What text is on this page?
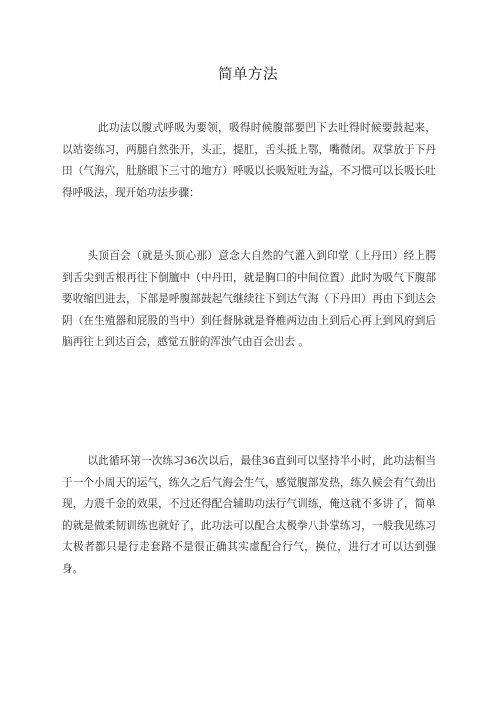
简单方法

此功法以腹式呼吸为要领，吸得时候腹部要凹下去吐得时候要鼓起来，以站姿练习，两腿自然张开，头正，提肛，舌头抵上鄂，嘴微闭。双掌放于下丹田（气海穴，肚脐眼下三寸的地方）呼吸以长吸短吐为益，不习惯可以长吸长吐得呼吸法，现开始功法步骤：

头顶百会（就是头顶心那）意念大自然的气灌入到印堂（上丹田）经上腭到舌尖到舌根再往下倒膻中（中丹田，就是胸口的中间位置）此时为吸气下腹部要收缩凹进去，下部是呼腹部鼓起气继续往下到达气海（下丹田）再由下到达会阴（在生殖器和屁股的当中）到任督脉就是脊椎两边由上到后心再上到风府到后脑再往上到达百会，感觉五脏的浑浊气由百会出去 。

以此循环第一次练习36次以后，最佳36直到可以坚持半小时，此功法相当于一个小周天的运气，练久之后气海会生气，感觉腹部发热，练久候会有气劲出现，力震千金的效果，不过还得配合辅助功法行气训练，俺这就不多讲了，简单的就是做柔韧训练也就好了，此功法可以配合太极拳八卦掌练习，一般我见练习太极者都只是行走套路不是很正确其实虚配合行气，换位，进行才可以达到强身。
